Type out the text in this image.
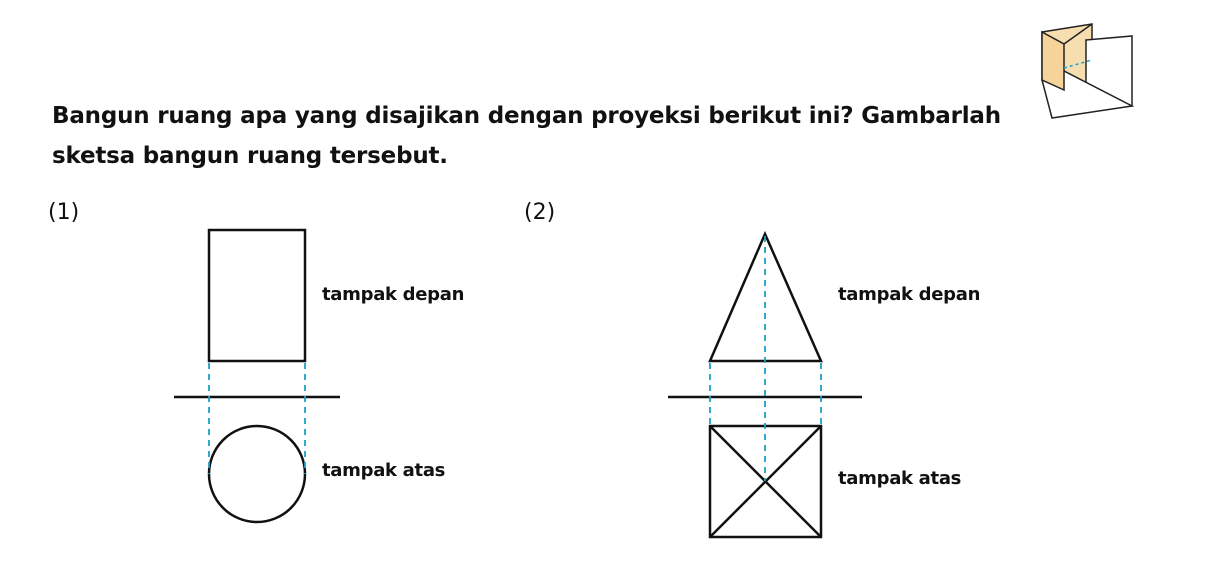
Bangun ruang apa yang disajikan dengan proyeksi berikut ini? Gambarlah
sketsa bangun ruang tersebut.
(1)	(2)
tampak depan
tampak atas
tampak depan
tampak atas
